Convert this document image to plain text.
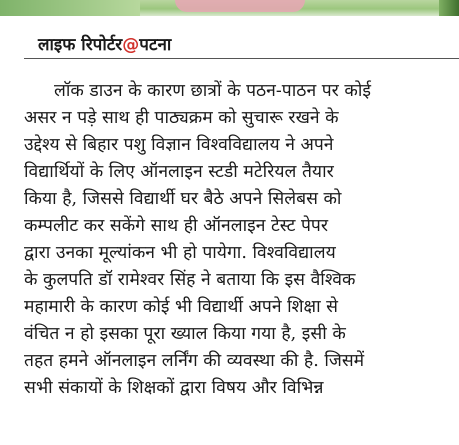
लाइफ रिपोर्टर@पटना
लॉक डाउन के कारण छात्रों के पठन-पाठन पर कोई
असर न पड़े साथ ही पाठ्यक्रम को सुचारू रखने के
उद्देश्य से बिहार पशु विज्ञान विश्वविद्यालय ने अपने
विद्यार्थियों के लिए ऑनलाइन स्टडी मटेरियल तैयार
किया है, जिससे विद्यार्थी घर बैठे अपने सिलेबस को
कम्पलीट कर सकेंगे साथ ही ऑनलाइन टेस्ट पेपर
द्वारा उनका मूल्यांकन भी हो पायेगा. विश्वविद्यालय
के कुलपति डॉ रामेश्वर सिंह ने बताया कि इस वैश्विक
महामारी के कारण कोई भी विद्यार्थी अपने शिक्षा से
वंचित न हो इसका पूरा ख्याल किया गया है, इसी के
तहत हमने ऑनलाइन लर्निंग की व्यवस्था की है. जिसमें
सभी संकायों के शिक्षकों द्वारा विषय और विभिन्न
